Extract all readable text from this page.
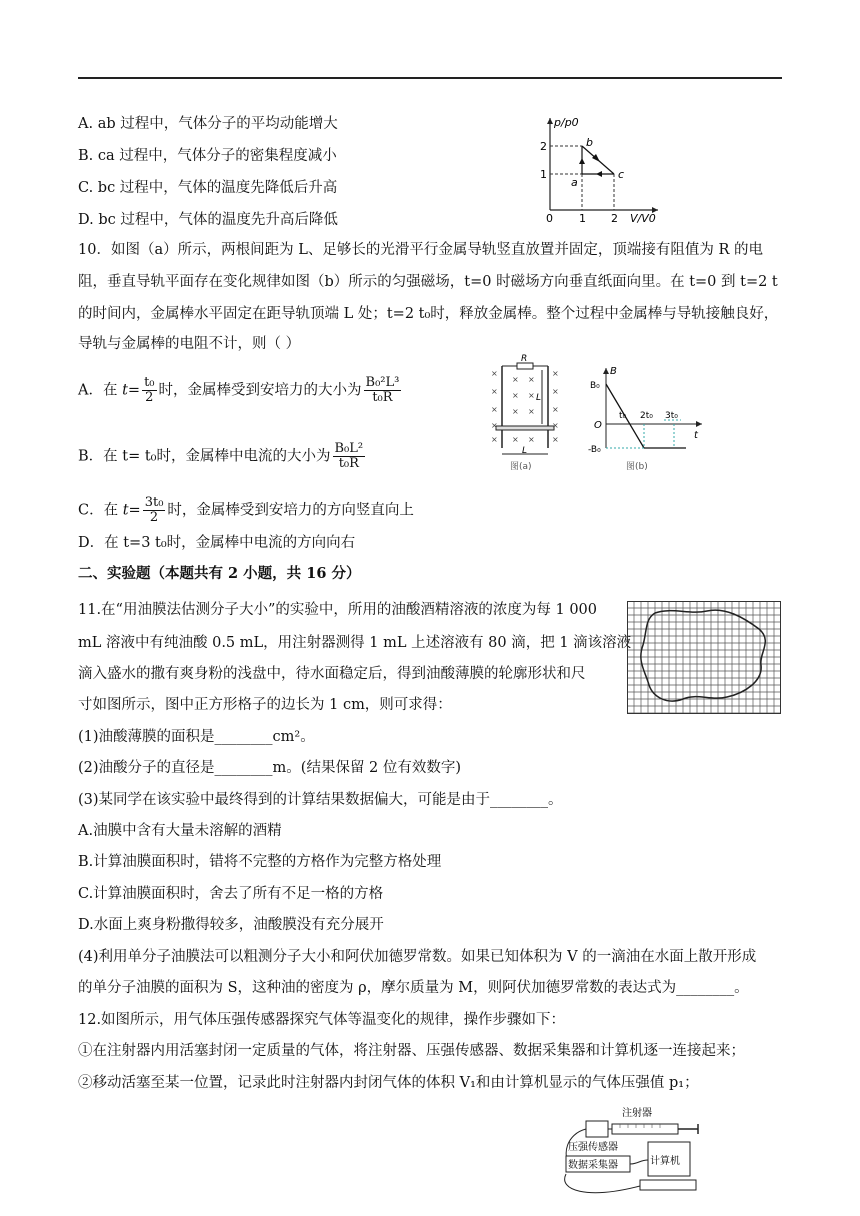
A. ab 过程中，气体分子的平均动能增大
B. ca 过程中，气体分子的密集程度减小
C. bc 过程中，气体的温度先降低后升高
D. bc 过程中，气体的温度先升高后降低
p/p0
V/V0
2
1
0 1 2
a
b
c
10．如图（a）所示，两根间距为 L、足够长的光滑平行金属导轨竖直放置并固定，顶端接有阻值为 R 的电
阻，垂直导轨平面存在变化规律如图（b）所示的匀强磁场，t=0 时磁场方向垂直纸面向里。在 t=0 到 t=2 t
的时间内，金属棒水平固定在距导轨顶端 L 处；t=2 t₀时，释放金属棒。整个过程中金属棒与导轨接触良好，
导轨与金属棒的电阻不计，则（ ）
A．在 $t= \frac{\text{t₀}}{2}$ 时，金属棒受到安培力的大小为 $\frac{\text{B₀²L³}}{\text{t₀R}}$
B．在 t= t₀时，金属棒中电流的大小为 $\frac{\text{B₀L²}}{\text{t₀R}}$
C．在 $t= \frac{\text{3t₀}}{2}$ 时，金属棒受到安培力的方向竖直向上
D．在 t=3 t₀时，金属棒中电流的方向向右
×
× ×
×
× × × ×
× × × ×
×	×
× × × ×
R
L
L
图(a)
B
t
B₀
-B₀
O
t₀ 2t₀ 3t₀
图(b)
二、实验题（本题共有 2 小题，共 16 分）
11.在“用油膜法估测分子大小”的实验中，所用的油酸酒精溶液的浓度为每 1 000
mL 溶液中有纯油酸 0.5 mL，用注射器测得 1 mL 上述溶液有 80 滴，把 1 滴该溶液
滴入盛水的撒有爽身粉的浅盘中，待水面稳定后，得到油酸薄膜的轮廓形状和尺
寸如图所示，图中正方形格子的边长为 1 cm，则可求得：
(1)油酸薄膜的面积是________cm²。
(2)油酸分子的直径是________m。(结果保留 2 位有效数字)
(3)某同学在该实验中最终得到的计算结果数据偏大，可能是由于________。
A.油膜中含有大量未溶解的酒精
B.计算油膜面积时，错将不完整的方格作为完整方格处理
C.计算油膜面积时，舍去了所有不足一格的方格
D.水面上爽身粉撒得较多，油酸膜没有充分展开
(4)利用单分子油膜法可以粗测分子大小和阿伏加德罗常数。如果已知体积为 V 的一滴油在水面上散开形成
的单分子油膜的面积为 S，这种油的密度为 ρ，摩尔质量为 M，则阿伏加德罗常数的表达式为________。
12.如图所示，用气体压强传感器探究气体等温变化的规律，操作步骤如下：
①在注射器内用活塞封闭一定质量的气体，将注射器、压强传感器、数据采集器和计算机逐一连接起来；
②移动活塞至某一位置，记录此时注射器内封闭气体的体积 V₁和由计算机显示的气体压强值 p₁；
注射器
压强传感器
数据采集器	计算机
